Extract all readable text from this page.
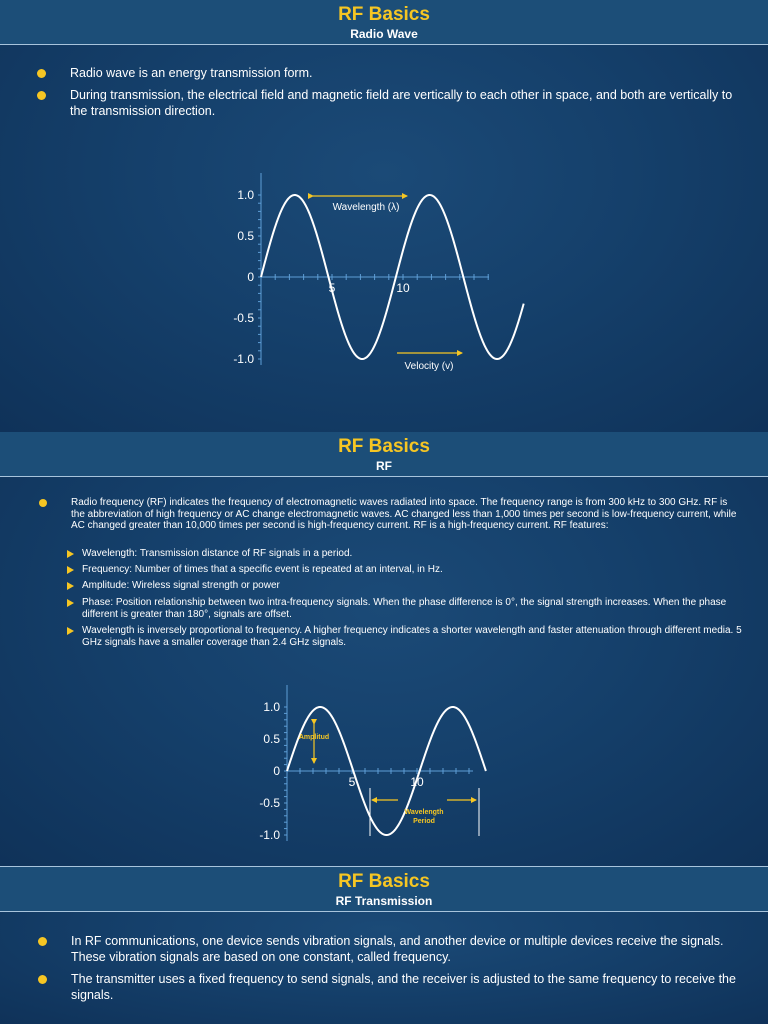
RF Basics
Radio Wave

Radio wave is an energy transmission form.

During transmission, the electrical field and magnetic field are vertically to each other in space, and both are vertically to the transmission direction.

1.0
0.5
0
-0.5
-1.0
5	10
Wavelength (λ)
Velocity (v)
RF Basics
RF

Radio frequency (RF) indicates the frequency of electromagnetic waves radiated into space. The frequency range is from 300 kHz to 300 GHz. RF is the abbreviation of high frequency or AC change electromagnetic waves. AC changed less than 1,000 times per second is low-frequency current, while AC changed greater than 10,000 times per second is high-frequency current. RF is a high-frequency current. RF features:

Wavelength: Transmission distance of RF signals in a period.

Frequency: Number of times that a specific event is repeated at an interval, in Hz.

Amplitude: Wireless signal strength or power

Phase: Position relationship between two intra-frequency signals. When the phase difference is 0°, the signal strength increases. When the phase different is greater than 180°, signals are offset.

Wavelength is inversely proportional to frequency. A higher frequency indicates a shorter wavelength and faster attenuation through different media. 5 GHz signals have a smaller coverage than 2.4 GHz signals.

1.0
0.5
0
-0.5
-1.0
5	10
Amplitud
Wavelength
Period
RF Basics
RF Transmission

In RF communications, one device sends vibration signals, and another device or multiple devices receive the signals. These vibration signals are based on one constant, called frequency.

The transmitter uses a fixed frequency to send signals, and the receiver is adjusted to the same frequency to receive the signals.
